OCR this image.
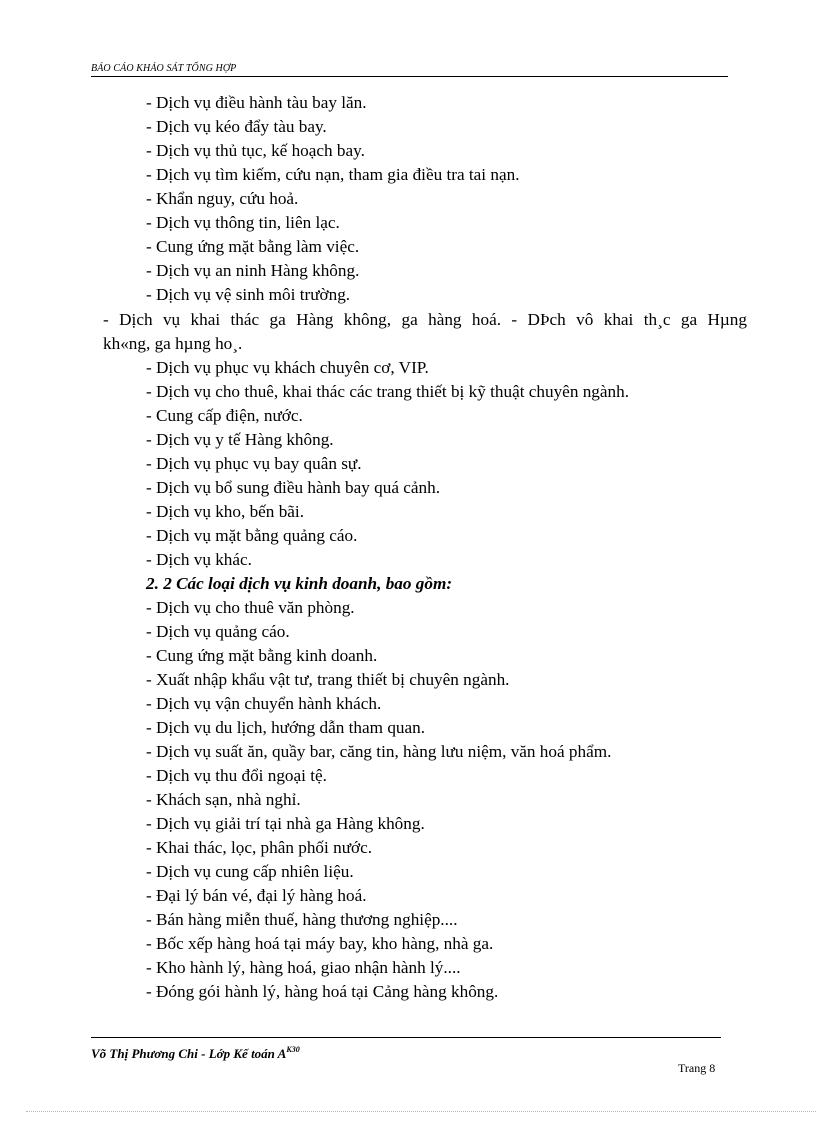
BÁO CÁO KHẢO SÁT TỔNG HỢP
- Dịch vụ điều hành tàu bay lăn.
- Dịch vụ kéo đẩy tàu bay.
- Dịch vụ thủ tục, kế hoạch bay.
- Dịch vụ tìm kiếm, cứu nạn, tham gia điều tra tai nạn.
- Khẩn nguy, cứu hoả.
- Dịch vụ thông tin, liên lạc.
- Cung ứng mặt bằng làm việc.
- Dịch vụ an ninh Hàng không.
- Dịch vụ vệ sinh môi trường.
- Dịch vụ khai thác ga Hàng không, ga hàng hoá. - DÞch vô khai th¸c ga Hµng
kh«ng, ga hµng ho¸.
- Dịch vụ phục vụ khách chuyên cơ, VIP.
- Dịch vụ cho thuê, khai thác các trang thiết bị kỹ thuật chuyên ngành.
- Cung cấp điện, nước.
- Dịch vụ y tế Hàng không.
- Dịch vụ phục vụ bay quân sự.
- Dịch vụ bổ sung điều hành bay quá cảnh.
- Dịch vụ kho, bến bãi.
- Dịch vụ mặt bằng quảng cáo.
- Dịch vụ khác.
2. 2 Các loại dịch vụ kinh doanh, bao gồm:
- Dịch vụ cho thuê văn phòng.
- Dịch vụ quảng cáo.
- Cung ứng mặt bằng kinh doanh.
- Xuất nhập khẩu vật tư, trang thiết bị chuyên ngành.
- Dịch vụ vận chuyển hành khách.
- Dịch vụ du lịch, hướng dẫn tham quan.
- Dịch vụ suất ăn, quầy bar, căng tin, hàng lưu niệm, văn hoá phẩm.
- Dịch vụ thu đổi ngoại tệ.
- Khách sạn, nhà nghỉ.
- Dịch vụ giải trí tại nhà ga Hàng không.
- Khai thác, lọc, phân phối nước.
- Dịch vụ cung cấp nhiên liệu.
- Đại lý bán vé, đại lý hàng hoá.
- Bán hàng miễn thuế, hàng thương nghiệp....
- Bốc xếp hàng hoá tại máy bay, kho hàng, nhà ga.
- Kho hành lý, hàng hoá, giao nhận hành lý....
- Đóng gói hành lý, hàng hoá tại Cảng hàng không.
Võ Thị Phương Chi - Lớp Kế toán $A^{K30}$
Trang 8
